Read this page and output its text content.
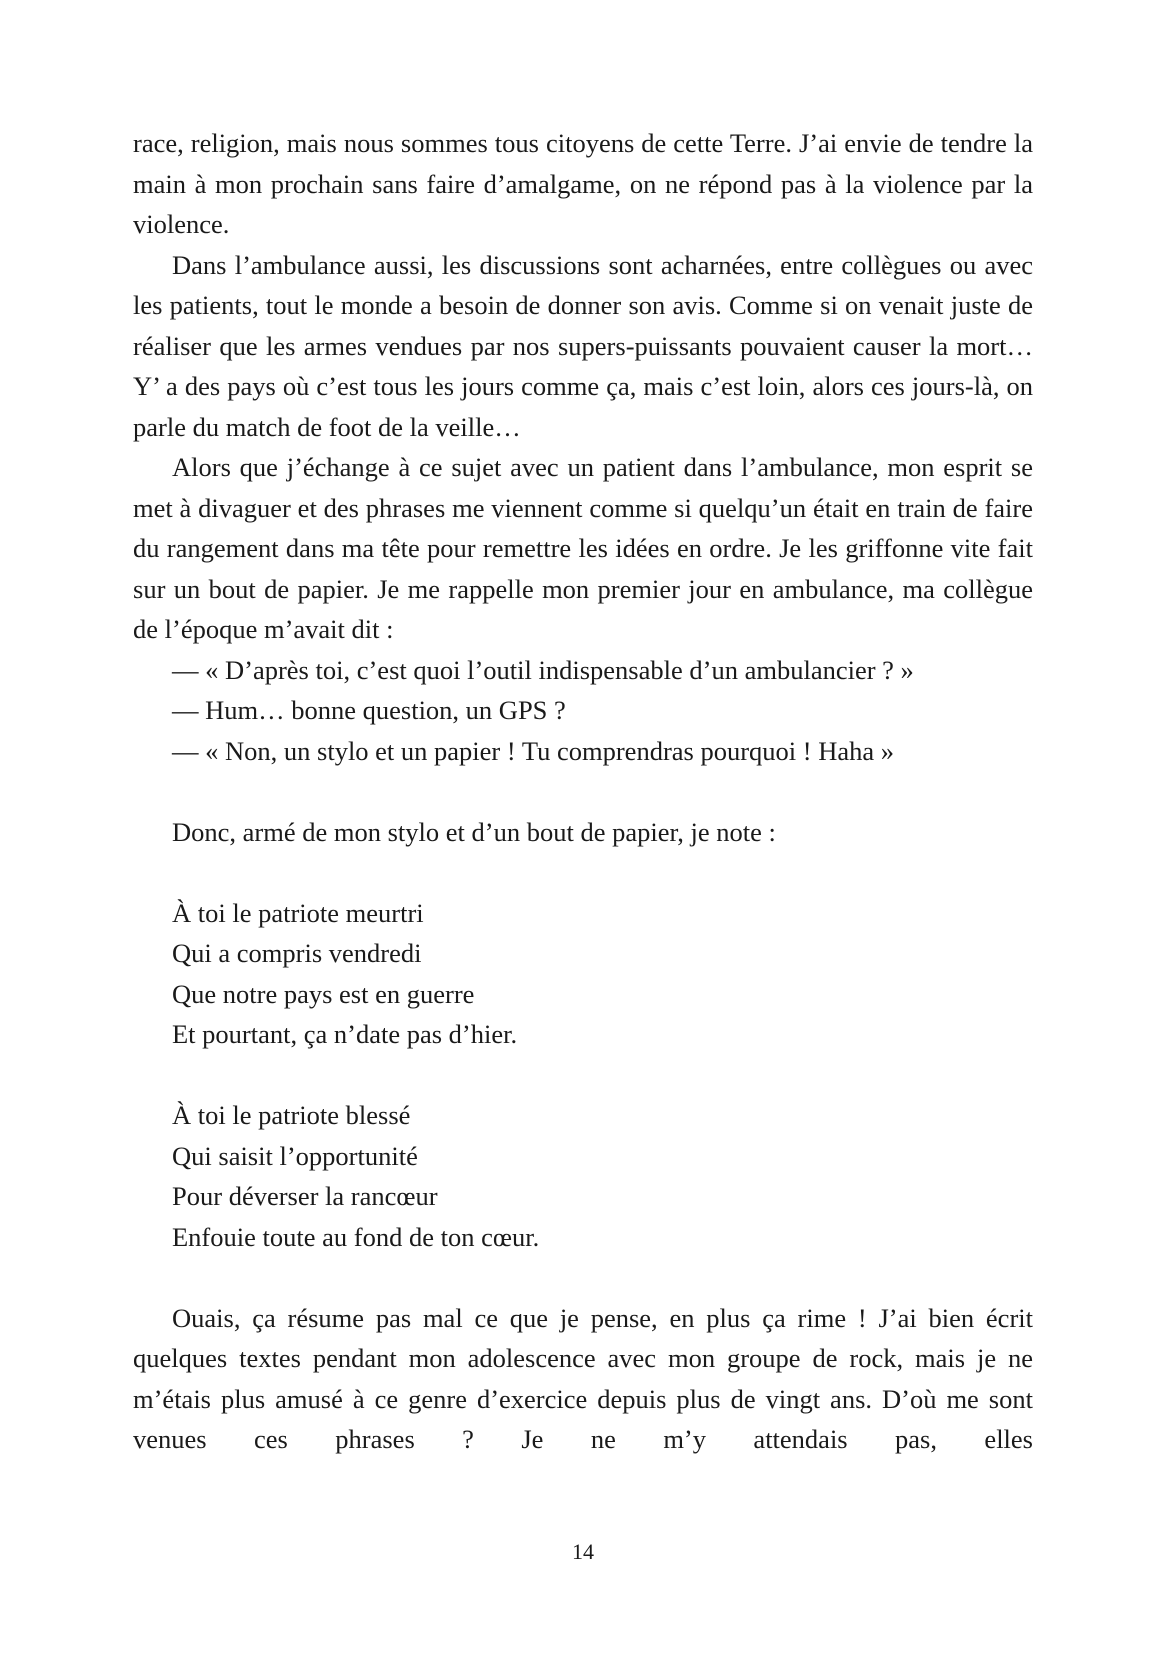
race, religion, mais nous sommes tous citoyens de cette Terre. J’ai envie de tendre la main à mon prochain sans faire d’amalgame, on ne répond pas à la violence par la violence.

Dans l’ambulance aussi, les discussions sont acharnées, entre collègues ou avec les patients, tout le monde a besoin de donner son avis. Comme si on venait juste de réaliser que les armes vendues par nos supers-puissants pouvaient causer la mort… Y’ a des pays où c’est tous les jours comme ça, mais c’est loin, alors ces jours-là, on parle du match de foot de la veille…

Alors que j’échange à ce sujet avec un patient dans l’ambulance, mon esprit se met à divaguer et des phrases me viennent comme si quelqu’un était en train de faire du rangement dans ma tête pour remettre les idées en ordre. Je les griffonne vite fait sur un bout de papier. Je me rappelle mon premier jour en ambulance, ma collègue de l’époque m’avait dit :

— « D’après toi, c’est quoi l’outil indispensable d’un ambulancier ? »

— Hum… bonne question, un GPS ?

— « Non, un stylo et un papier ! Tu comprendras pourquoi ! Haha »

Donc, armé de mon stylo et d’un bout de papier, je note :

À toi le patriote meurtri

Qui a compris vendredi

Que notre pays est en guerre

Et pourtant, ça n’date pas d’hier.

À toi le patriote blessé

Qui saisit l’opportunité

Pour déverser la rancœur

Enfouie toute au fond de ton cœur.

Ouais, ça résume pas mal ce que je pense, en plus ça rime ! J’ai bien écrit quelques textes pendant mon adolescence avec mon groupe de rock, mais je ne m’étais plus amusé à ce genre d’exercice depuis plus de vingt ans. D’où me sont venues ces phrases ? Je ne m’y attendais pas, elles

14
